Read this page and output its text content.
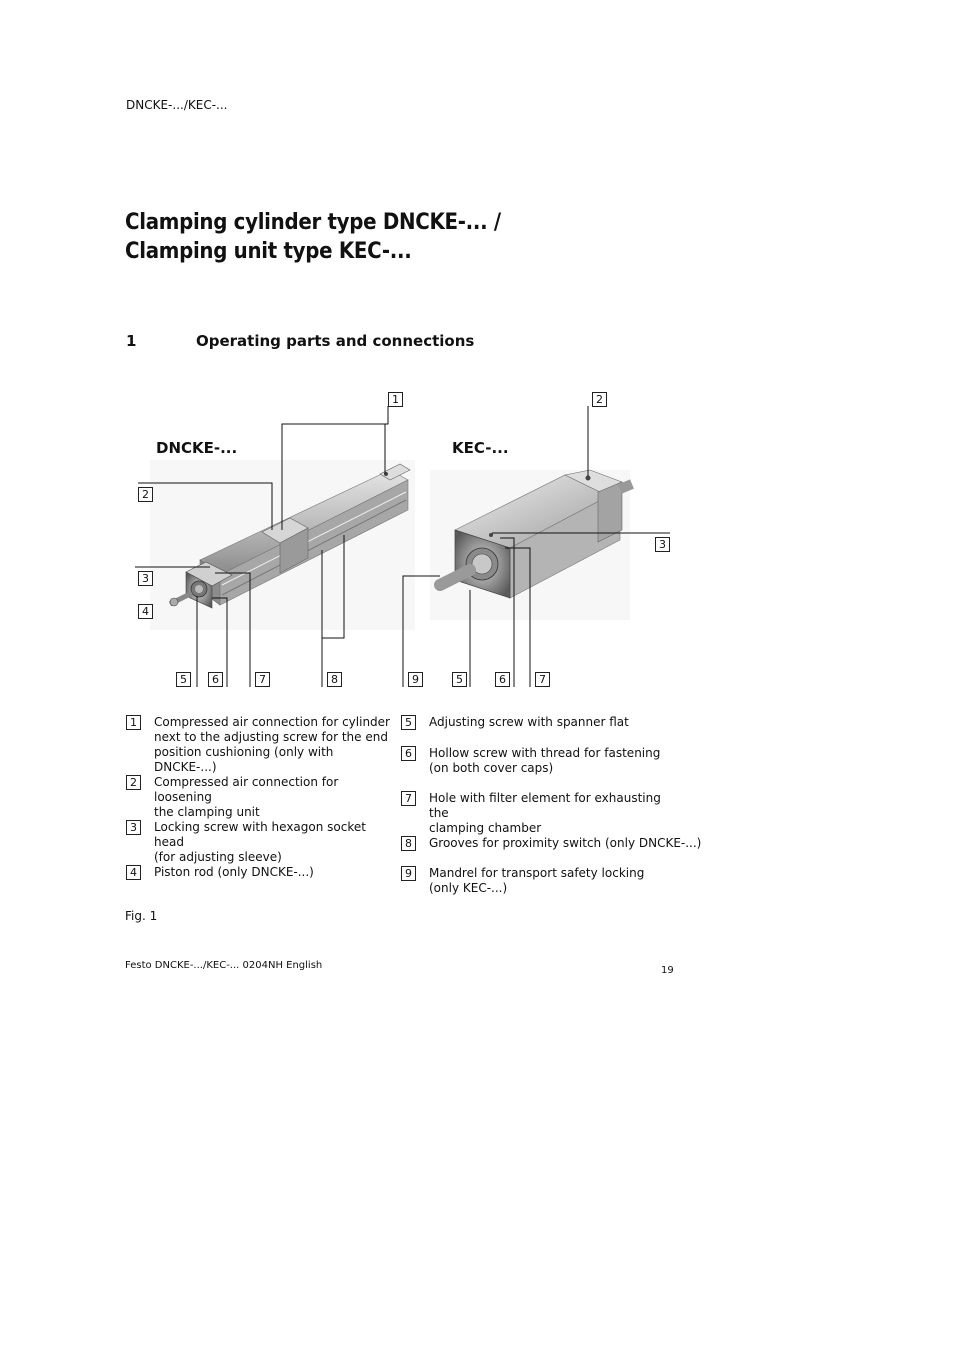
DNCKE-.../KEC-...
Clamping cylinder type DNCKE-... /
Clamping unit type KEC-...
1	Operating parts and connections
DNCKE-...	KEC-...
1	2
2
3
3
4
5	6	7	8	9	5	6	7
1	Compressed air connection for cylinder
next to the adjusting screw for the end
position cushioning (only with DNCKE-...)
2	Compressed air connection for loosening
the clamping unit
3	Locking screw with hexagon socket head
(for adjusting sleeve)
4	Piston rod (only DNCKE-...)
5	Adjusting screw with spanner flat
6	Hollow screw with thread for fastening
(on both cover caps)
7	Hole with filter element for exhausting the
clamping chamber
8	Grooves for proximity switch (only DNCKE-...)
9	Mandrel for transport safety locking
(only KEC-...)
Fig. 1
Festo DNCKE-.../KEC-... 0204NH English	19
